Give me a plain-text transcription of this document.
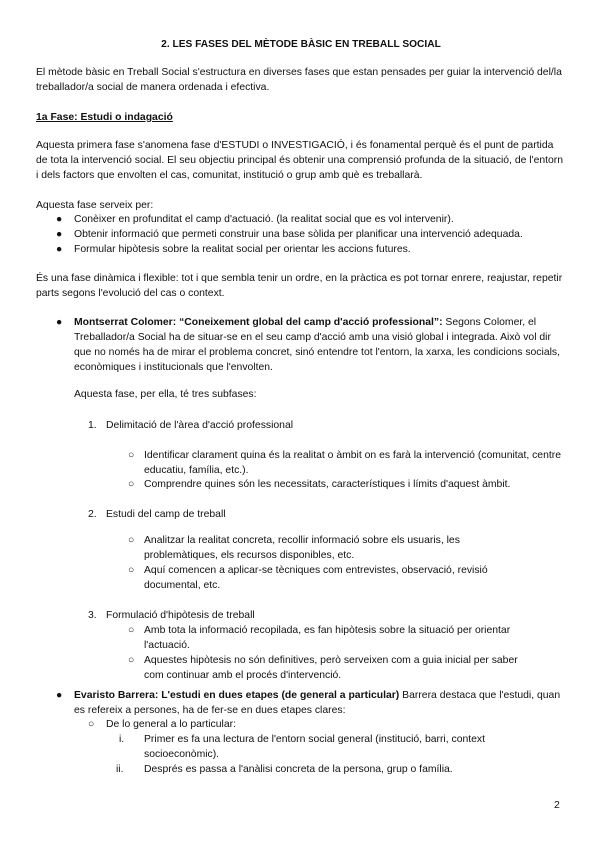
2. LES FASES DEL MÈTODE BÀSIC EN TREBALL SOCIAL
El mètode bàsic en Treball Social s'estructura en diverses fases que estan pensades per guiar la intervenció del/la treballador/a social de manera ordenada i efectiva.
1a Fase: Estudi o indagació
Aquesta primera fase s'anomena fase d'ESTUDI o INVESTIGACIÓ, i és fonamental perquè és el punt de partida de tota la intervenció social. El seu objectiu principal és obtenir una comprensió profunda de la situació, de l'entorn i dels factors que envolten el cas, comunitat, institució o grup amb què es treballarà.
Aquesta fase serveix per:
● Conèixer en profunditat el camp d'actuació. (la realitat social que es vol intervenir).
● Obtenir informació que permeti construir una base sòlida per planificar una intervenció adequada.
● Formular hipòtesis sobre la realitat social per orientar les accions futures.
És una fase dinàmica i flexible: tot i que sembla tenir un ordre, en la pràctica es pot tornar enrere, reajustar, repetir parts segons l'evolució del cas o context.
● Montserrat Colomer: “Coneixement global del camp d'acció professional”: Segons Colomer, el Treballador/a Social ha de situar-se en el seu camp d'acció amb una visió global i integrada. Això vol dir que no només ha de mirar el problema concret, sinó entendre tot l'entorn, la xarxa, les condicions socials, econòmiques i institucionals que l'envolten.
Aquesta fase, per ella, té tres subfases:
1. Delimitació de l'àrea d'acció professional
○ Identificar clarament quina és la realitat o àmbit on es farà la intervenció (comunitat, centre educatiu, família, etc.).
○ Comprendre quines són les necessitats, característiques i límits d'aquest àmbit.
2. Estudi del camp de treball
○ Analitzar la realitat concreta, recollir informació sobre els usuaris, les problemàtiques, els recursos disponibles, etc.
○ Aquí comencen a aplicar-se tècniques com entrevistes, observació, revisió documental, etc.
3. Formulació d'hipòtesis de treball
○ Amb tota la informació recopilada, es fan hipòtesis sobre la situació per orientar l'actuació.
○ Aquestes hipòtesis no són definitives, però serveixen com a guia inicial per saber com continuar amb el procés d'intervenció.
● Evaristo Barrera: L'estudi en dues etapes (de general a particular) Barrera destaca que l'estudi, quan es refereix a persones, ha de fer-se en dues etapes clares:
○ De lo general a lo particular:
i. Primer es fa una lectura de l'entorn social general (institució, barri, context socioeconòmic).
ii. Després es passa a l'anàlisi concreta de la persona, grup o família.
2
